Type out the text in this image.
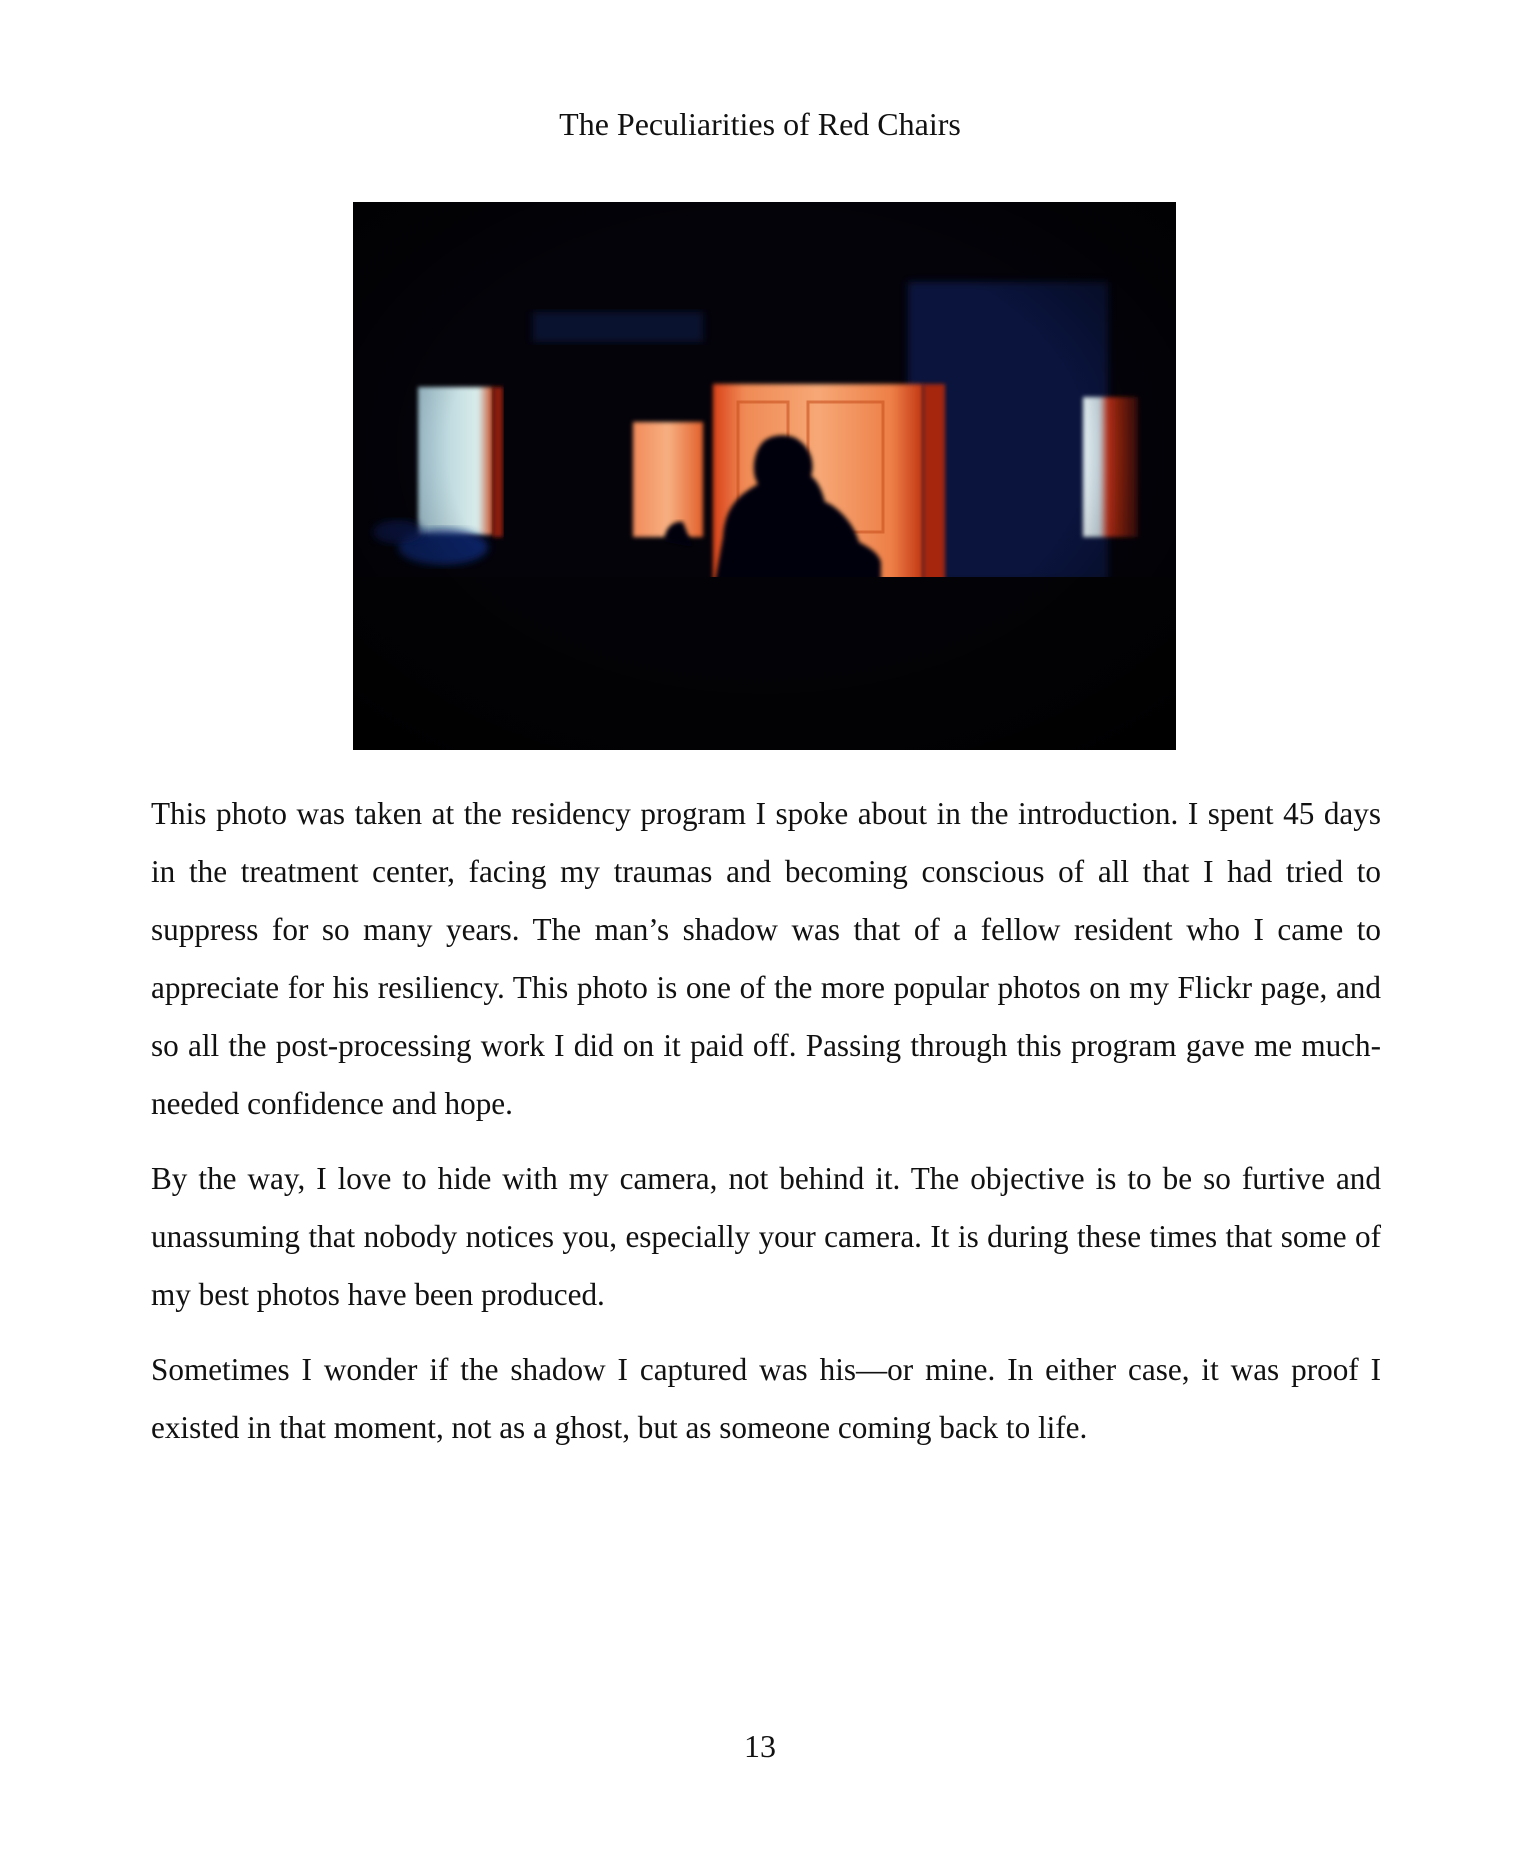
The Peculiarities of Red Chairs

This photo was taken at the residency program I spoke about in the introduction. I spent 45 days in the treatment center, facing my traumas and becoming conscious of all that I had tried to suppress for so many years. The man’s shadow was that of a fellow resident who I came to appreciate for his resiliency. This photo is one of the more popular photos on my Flickr page, and so all the post-processing work I did on it paid off. Passing through this program gave me much-needed confidence and hope.

By the way, I love to hide with my camera, not behind it. The objective is to be so furtive and unassuming that nobody notices you, especially your camera. It is during these times that some of my best photos have been produced.

Sometimes I wonder if the shadow I captured was his—or mine. In either case, it was proof I existed in that moment, not as a ghost, but as someone coming back to life.

13
